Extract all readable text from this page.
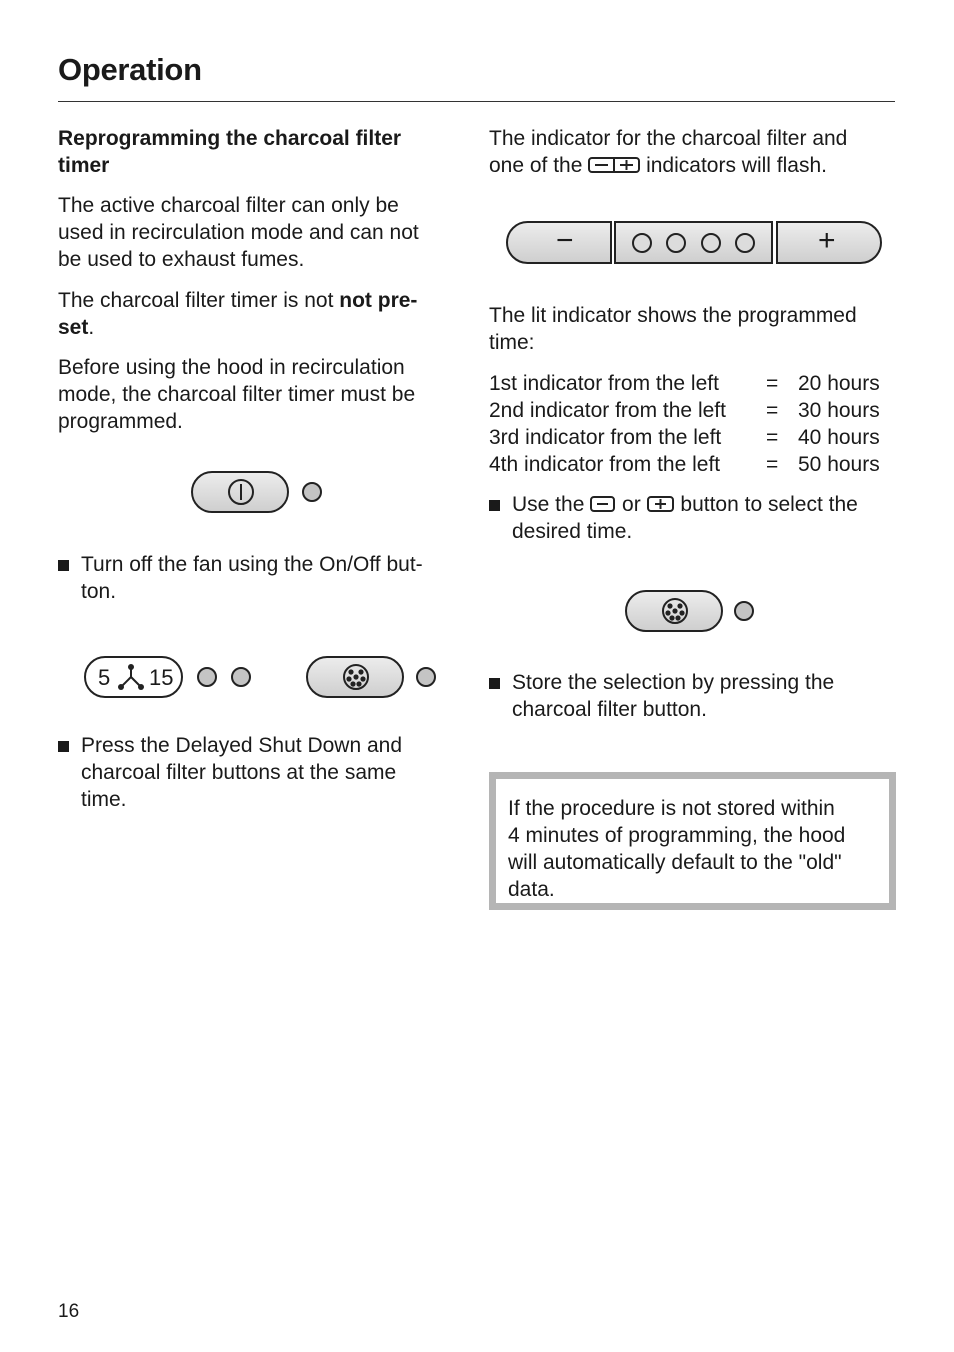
Operation
Reprogramming the charcoal filter
timer
The active charcoal filter can only be
used in recirculation mode and can not
be used to exhaust fumes.
The charcoal filter timer is not not pre-
set.
Before using the hood in recirculation
mode, the charcoal filter timer must be
programmed.
Turn off the fan using the On/Off but-
ton.
5 15
Press the Delayed Shut Down and
charcoal filter buttons at the same
time.
The indicator for the charcoal filter and
one of the  indicators will flash.
−	+
The lit indicator shows the programmed
time:
1st indicator from the left = 20 hours
2nd indicator from the left = 30 hours
3rd indicator from the left = 40 hours
4th indicator from the left = 50 hours
Use the  or  button to select the
desired time.
Store the selection by pressing the
charcoal filter button.
If the procedure is not stored within
4 minutes of programming, the hood
will automatically default to the "old"
data.
16
